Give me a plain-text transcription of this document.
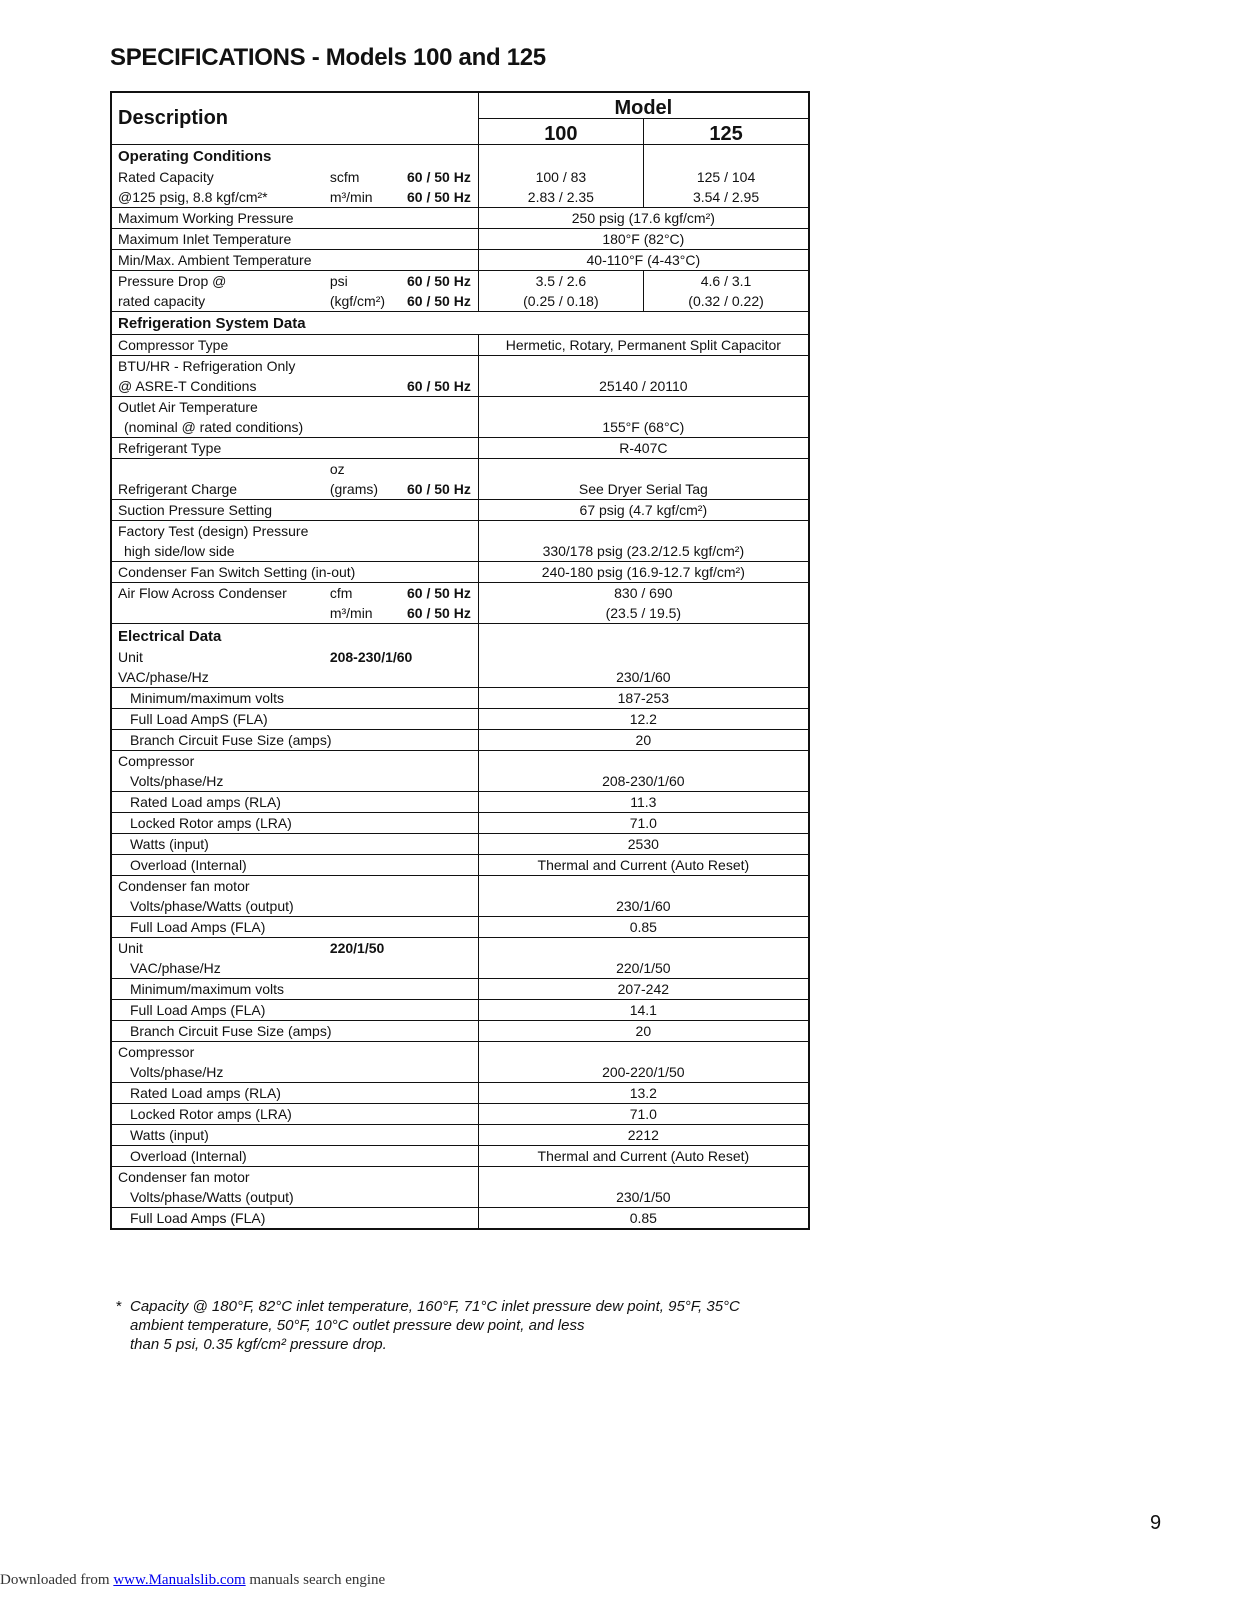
SPECIFICATIONS - Models 100 and 125
Description			Model	
			100	125
Operating Conditions				
Rated Capacity	scfm	60 / 50 Hz	100 / 83	125 / 104
@125 psig, 8.8 kgf/cm²*	m³/min	60 / 50 Hz	2.83 / 2.35	3.54 / 2.95
Maximum Working Pressure			250 psig (17.6 kgf/cm²)	
Maximum Inlet Temperature			180°F (82°C)	
Min/Max. Ambient Temperature			40-110°F (4-43°C)	
Pressure Drop @	psi	60 / 50 Hz	3.5 / 2.6	4.6 / 3.1
rated capacity	(kgf/cm²)	60 / 50 Hz	(0.25 / 0.18)	(0.32 / 0.22)
Refrigeration System Data				
Compressor Type			Hermetic, Rotary, Permanent Split Capacitor	
BTU/HR - Refrigeration Only				
@ ASRE-T Conditions		60 / 50 Hz	25140 / 20110	
Outlet Air Temperature				
(nominal @ rated conditions)			155°F (68°C)	
Refrigerant Type			R-407C	
Refrigerant Charge	oz (grams)	60 / 50 Hz	See Dryer Serial Tag	
Suction Pressure Setting			67 psig (4.7 kgf/cm²)	
Factory Test (design) Pressure				
high side/low side			330/178 psig (23.2/12.5 kgf/cm²)	
Condenser Fan Switch Setting (in-out)			240-180 psig (16.9-12.7 kgf/cm²)	
Air Flow Across Condenser	cfm	60 / 50 Hz	830 / 690	
	m³/min	60 / 50 Hz	(23.5 / 19.5)	
Electrical Data				
Unit	208-230/1/60			
VAC/phase/Hz			230/1/60	
Minimum/maximum volts			187-253	
Full Load AmpS (FLA)			12.2	
Branch Circuit Fuse Size (amps)			20	
Compressor				
Volts/phase/Hz			208-230/1/60	
Rated Load amps (RLA)			11.3	
Locked Rotor amps (LRA)			71.0	
Watts (input)			2530	
Overload (Internal)			Thermal and Current (Auto Reset)	
Condenser fan motor				
Volts/phase/Watts (output)			230/1/60	
Full Load Amps (FLA)			0.85	
Unit	220/1/50			
VAC/phase/Hz			220/1/50	
Minimum/maximum volts			207-242	
Full Load Amps (FLA)			14.1	
Branch Circuit Fuse Size (amps)			20	
Compressor				
Volts/phase/Hz			200-220/1/50	
Rated Load amps (RLA)			13.2	
Locked Rotor amps (LRA)			71.0	
Watts (input)			2212	
Overload (Internal)			Thermal and Current (Auto Reset)	
Condenser fan motor				
Volts/phase/Watts (output)			230/1/50	
Full Load Amps (FLA)			0.85	
* Capacity @ 180°F, 82°C inlet temperature, 160°F, 71°C inlet pressure dew point, 95°F, 35°C
ambient temperature, 50°F, 10°C outlet pressure dew point, and less
than 5 psi, 0.35 kgf/cm² pressure drop.
9
Downloaded from www.Manualslib.com manuals search engine
